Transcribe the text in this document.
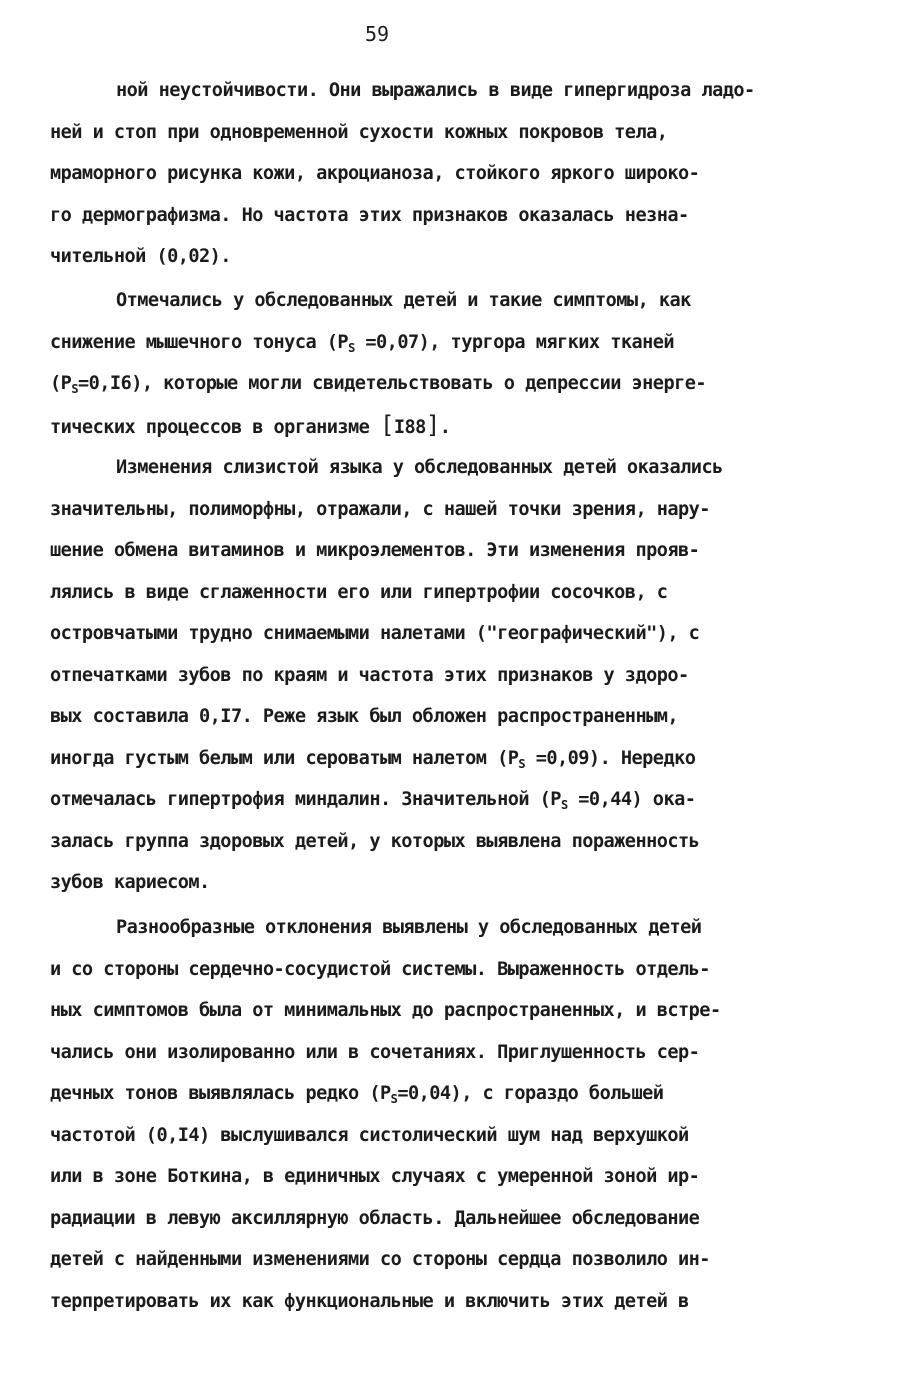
59
ной неустойчивости. Они выражались в виде гипергидроза ладо-
ней и стоп при одновременной сухости кожных покровов тела,
мраморного рисунка кожи, акроцианоза, стойкого яркого широко-
го дермографизма. Но частота этих признаков оказалась незна-
чительной (0,02).
Отмечались у обследованных детей и такие симптомы, как
снижение мышечного тонуса $(P_S =0,07)$, тургора мягких тканей
$(P_S=0,I6)$, которые могли свидетельствовать о депрессии энерге-
тических процессов в организме [I88].
Изменения слизистой языка у обследованных детей оказались
значительны, полиморфны, отражали, с нашей точки зрения, нару-
шение обмена витаминов и микроэлементов. Эти изменения прояв-
лялись в виде сглаженности его или гипертрофии сосочков, с
островчатыми трудно снимаемыми налетами ("географический"), с
отпечатками зубов по краям и частота этих признаков у здоро-
вых составила 0,I7. Реже язык был обложен распространенным,
иногда густым белым или сероватым налетом $(P_S =0,09)$. Нередко
отмечалась гипертрофия миндалин. Значительной $(P_S =0,44)$ ока-
залась группа здоровых детей, у которых выявлена пораженность
зубов кариесом.
Разнообразные отклонения выявлены у обследованных детей
и со стороны сердечно-сосудистой системы. Выраженность отдель-
ных симптомов была от минимальных до распространенных, и встре-
чались они изолированно или в сочетаниях. Приглушенность сер-
дечных тонов выявлялась редко $(P_S=0,04)$, с гораздо большей
частотой (0,I4) выслушивался систолический шум над верхушкой
или в зоне Боткина, в единичных случаях с умеренной зоной ир-
радиации в левую аксиллярную область. Дальнейшее обследование
детей с найденными изменениями со стороны сердца позволило ин-
терпретировать их как функциональные и включить этих детей в
